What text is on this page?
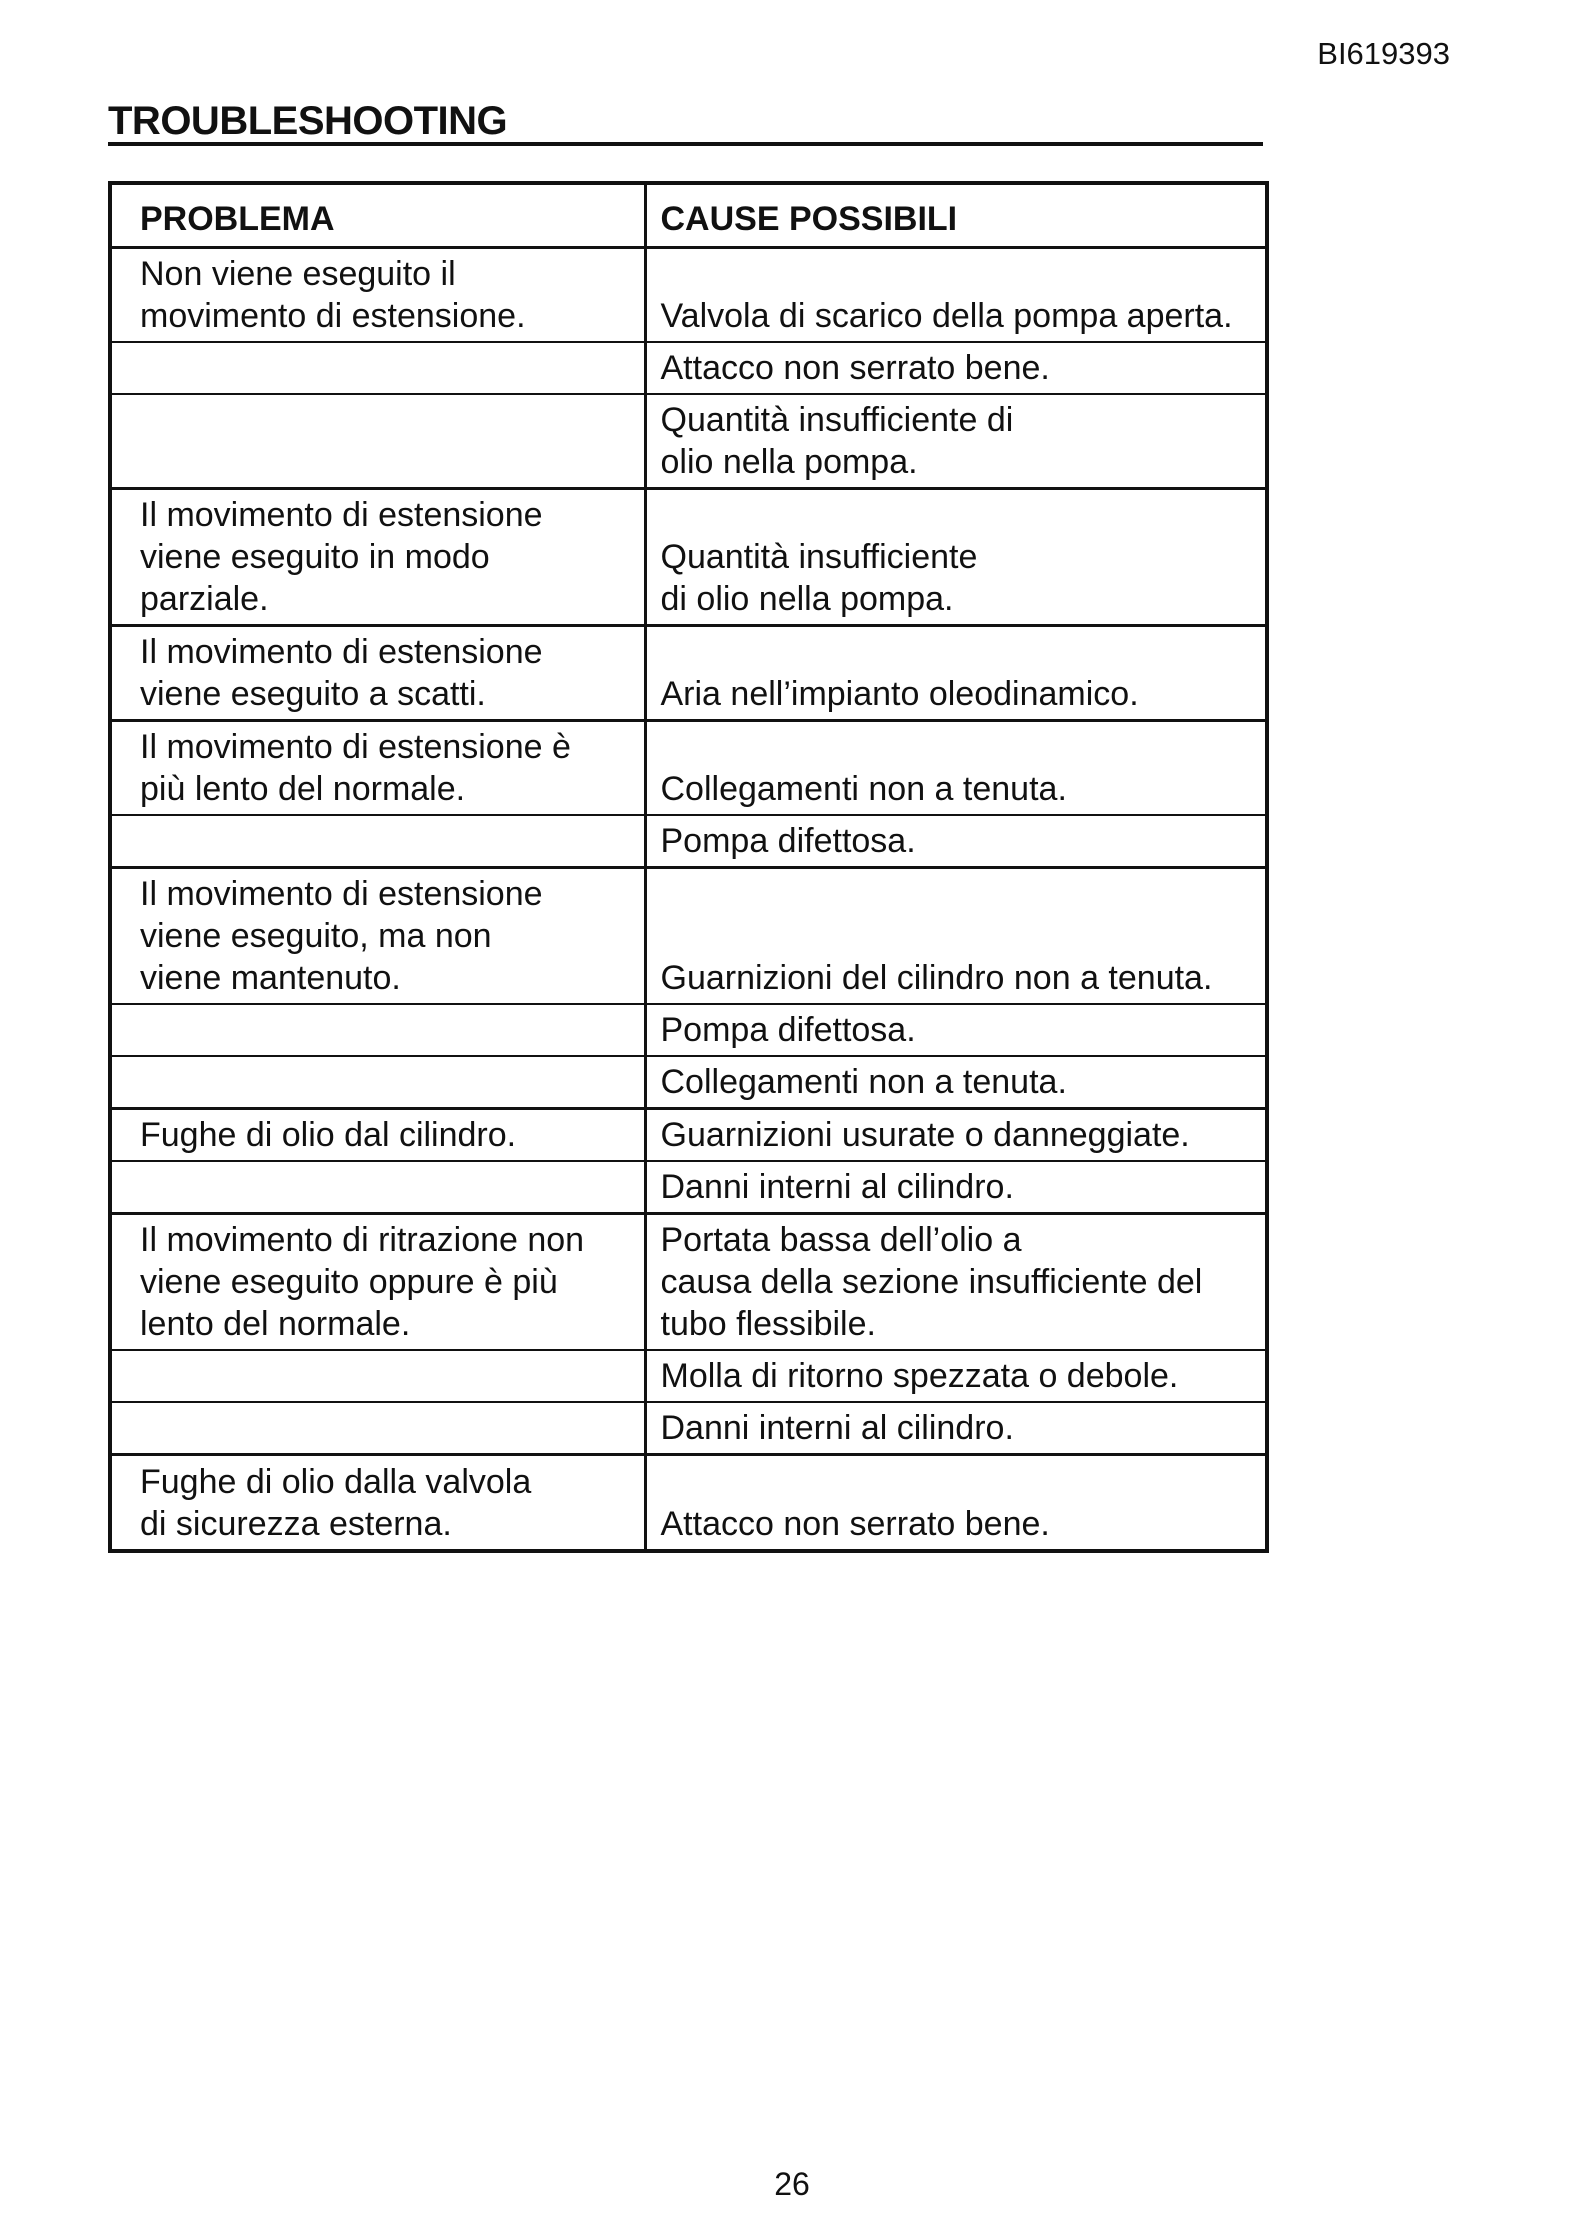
BI619393
TROUBLESHOOTING
PROBLEMA	CAUSE POSSIBILI

Non viene eseguito il
movimento di estensione.	Valvola di scarico della pompa aperta.

	Attacco non serrato bene.

	Quantità insufficiente di
olio nella pompa.

Il movimento di estensione
viene eseguito in modo
parziale.	Quantità insufficiente
di olio nella pompa.

Il movimento di estensione
viene eseguito a scatti.	Aria nell’impianto oleodinamico.

Il movimento di estensione è
più lento del normale.	Collegamenti non a tenuta.

	Pompa difettosa.

Il movimento di estensione
viene eseguito, ma non
viene mantenuto.	Guarnizioni del cilindro non a tenuta.

	Pompa difettosa.

	Collegamenti non a tenuta.

Fughe di olio dal cilindro.	Guarnizioni usurate o danneggiate.

	Danni interni al cilindro.

Il movimento di ritrazione non
viene eseguito oppure è più
lento del normale.	Portata bassa dell’olio a
causa della sezione insufficiente del
tubo flessibile.

	Molla di ritorno spezzata o debole.

	Danni interni al cilindro.

Fughe di olio dalla valvola
di sicurezza esterna.	Attacco non serrato bene.
26
